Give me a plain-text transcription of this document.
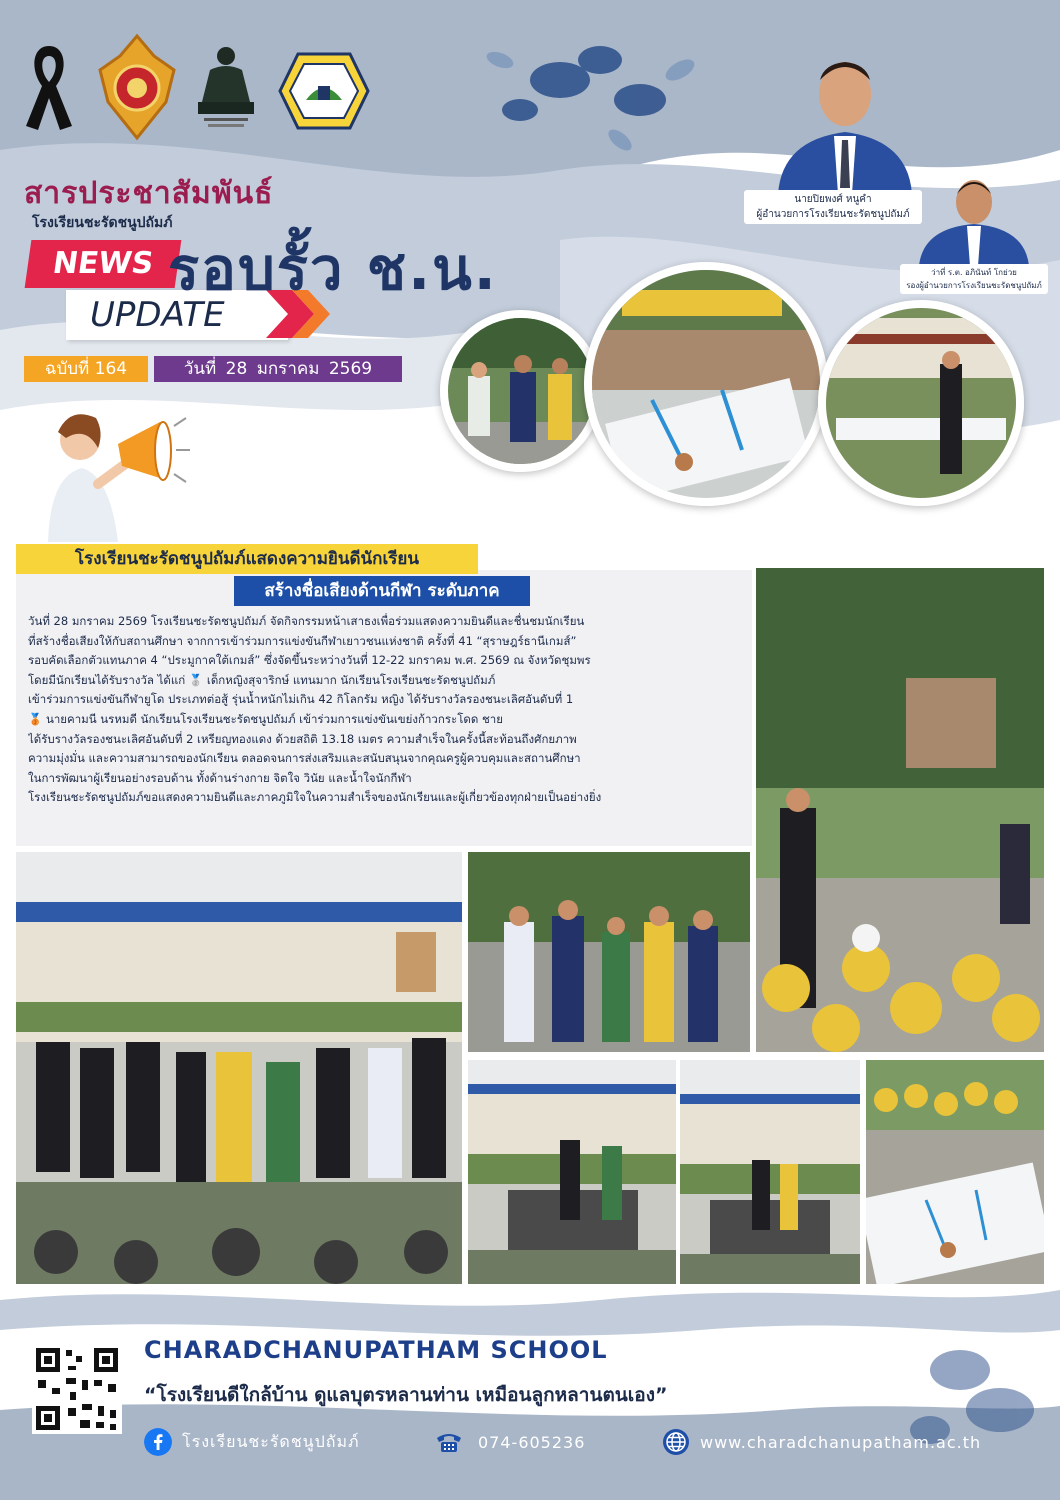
สารประชาสัมพันธ์
โรงเรียนชะรัดชนูปถัมภ์
NEWS
UPDATE
รอบรั้ว ช.น.
ฉบับที่ 164	วันที่ 28 มกราคม 2569
นายปิยพงศ์ หนูคำ
ผู้อำนวยการโรงเรียนชะรัดชนูปถัมภ์
ว่าที่ ร.ต. อภินันท์ โกย่วย
รองผู้อำนวยการโรงเรียนชะรัดชนูปถัมภ์
โรงเรียนชะรัดชนูปถัมภ์แสดงความยินดีนักเรียน
สร้างชื่อเสียงด้านกีฬา ระดับภาค

วันที่ 28 มกราคม 2569 โรงเรียนชะรัดชนูปถัมภ์ จัดกิจกรรมหน้าเสาธงเพื่อร่วมแสดงความยินดีและชื่นชมนักเรียน

ที่สร้างชื่อเสียงให้กับสถานศึกษา จากการเข้าร่วมการแข่งขันกีฬาเยาวชนแห่งชาติ ครั้งที่ 41 “สุราษฎร์ธานีเกมส์”

รอบคัดเลือกตัวแทนภาค 4 “ประมูกาคใต้เกมส์” ซึ่งจัดขึ้นระหว่างวันที่ 12-22 มกราคม พ.ศ. 2569 ณ จังหวัดชุมพร

โดยมีนักเรียนได้รับรางวัล ได้แก่ 🥈 เด็กหญิงสุจาริกษ์ แทนมาก นักเรียนโรงเรียนชะรัดชนูปถัมภ์

เข้าร่วมการแข่งขันกีฬายูโด ประเภทต่อสู้ รุ่นน้ำหนักไม่เกิน 42 กิโลกรัม หญิง ได้รับรางวัลรองชนะเลิศอันดับที่ 1

🥉 นายคามนี นรหมดี นักเรียนโรงเรียนชะรัดชนูปถัมภ์ เข้าร่วมการแข่งขันเขย่งก้าวกระโดด ชาย

ได้รับรางวัลรองชนะเลิศอันดับที่ 2 เหรียญทองแดง ด้วยสถิติ 13.18 เมตร ความสำเร็จในครั้งนี้สะท้อนถึงศักยภาพ

ความมุ่งมั่น และความสามารถของนักเรียน ตลอดจนการส่งเสริมและสนับสนุนจากคุณครูผู้ควบคุมและสถานศึกษา

ในการพัฒนาผู้เรียนอย่างรอบด้าน ทั้งด้านร่างกาย จิตใจ วินัย และน้ำใจนักกีฬา

โรงเรียนชะรัดชนูปถัมภ์ขอแสดงความยินดีและภาคภูมิใจในความสำเร็จของนักเรียนและผู้เกี่ยวข้องทุกฝ่ายเป็นอย่างยิ่ง

CHARADCHANUPATHAM SCHOOL
“โรงเรียนดีใกล้บ้าน ดูแลบุตรหลานท่าน เหมือนลูกหลานตนเอง”
โรงเรียนชะรัดชนูปถัมภ์	074-605236	www.charadchanupatham.ac.th
